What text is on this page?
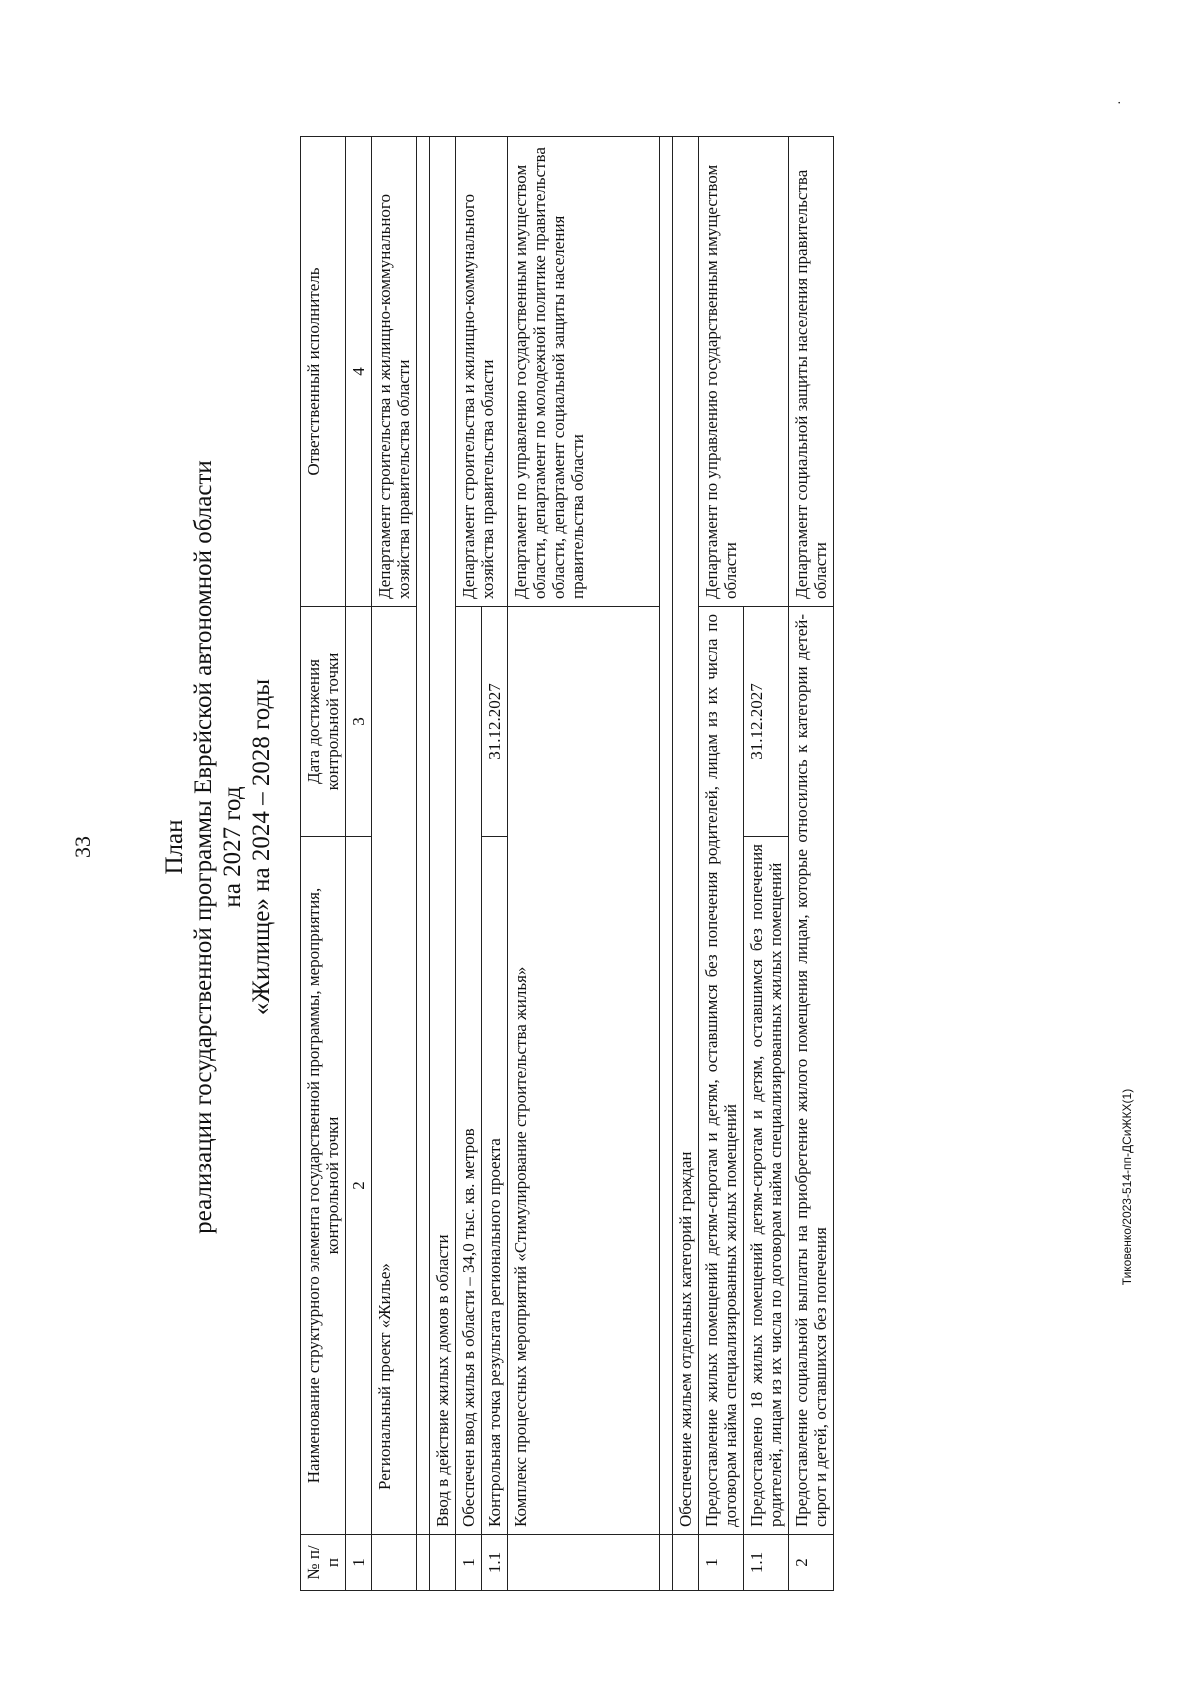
33	План реализации государственной программы Еврейской автономной области на 2027 год «Жилище» на 2024 – 2028 годы
№ п/п	Наименование структурного элемента государственной программы, мероприятия, контрольной точки	Дата достижения контрольной точки	Ответственный исполнитель
1	2	3	4
	Региональный проект «Жилье»		Департамент строительства и жилищно-коммунального хозяйства правительства области

	Ввод в действие жилых домов в области		
1	Обеспечен ввод жилья в области – 34,0 тыс. кв. метров		Департамент строительства и жилищно-коммунального хозяйства правительства области
1.1	Контрольная точка результата регионального проекта	31.12.2027	
	Комплекс процессных мероприятий «Стимулирование строительства жилья»		Департамент по управлению государственным имуществом области, департамент по молодежной политике правительства области, департамент социальной защиты населения правительства области

	Обеспечение жильем отдельных категорий граждан		
1	Предоставление жилых помещений детям-сиротам и детям, оставшимся без попечения родителей, лицам из их числа по договорам найма специализированных жилых помещений		Департамент по управлению государственным имуществом области
1.1	Предоставлено 18 жилых помещений детям-сиротам и детям, оставшимся без попечения родителей, лицам из их числа по договорам найма специализированных жилых помещений	31.12.2027	
2	Предоставление социальной выплаты на приобретение жилого помещения лицам, которые относились к категории детей-сирот и детей, оставшихся без попечения		Департамент социальной защиты населения правительства области
Тиковенко/2023-514-пп-ДСиЖКХ(1)
·
